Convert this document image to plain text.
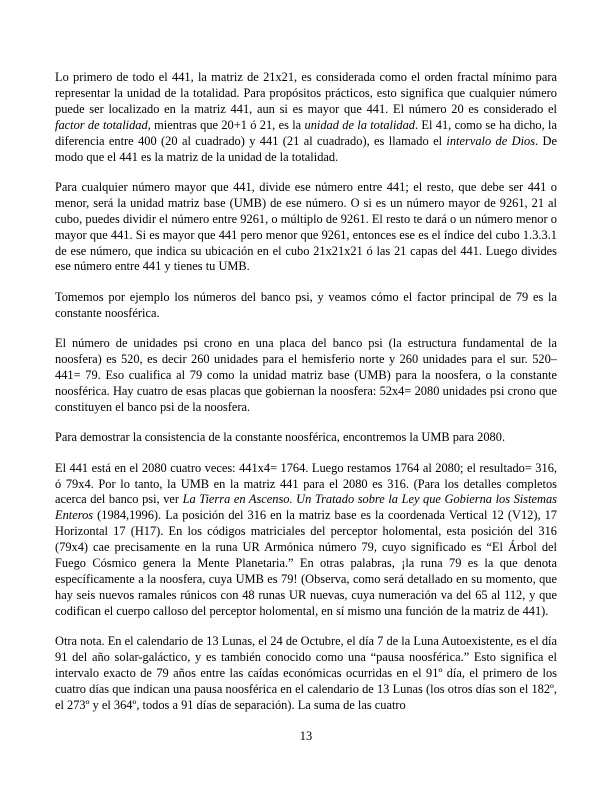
Lo primero de todo el 441, la matriz de 21x21, es considerada como el orden fractal mínimo para representar la unidad de la totalidad. Para propósitos prácticos, esto significa que cualquier número puede ser localizado en la matriz 441, aun si es mayor que 441. El número 20 es considerado el factor de totalidad, mientras que 20+1 ó 21, es la unidad de la totalidad. El 41, como se ha dicho, la diferencia entre 400 (20 al cuadrado) y 441 (21 al cuadrado), es llamado el intervalo de Dios. De modo que el 441 es la matriz de la unidad de la totalidad.

Para cualquier número mayor que 441, divide ese número entre 441; el resto, que debe ser 441 o menor, será la unidad matriz base (UMB) de ese número. O si es un número mayor de 9261, 21 al cubo, puedes dividir el número entre 9261, o múltiplo de 9261. El resto te dará o un número menor o mayor que 441. Si es mayor que 441 pero menor que 9261, entonces ese es el índice del cubo 1.3.3.1 de ese número, que indica su ubicación en el cubo 21x21x21 ó las 21 capas del 441. Luego divides ese número entre 441 y tienes tu UMB.

Tomemos por ejemplo los números del banco psi, y veamos cómo el factor principal de 79 es la constante noosférica.

El número de unidades psi crono en una placa del banco psi (la estructura fundamental de la noosfera) es 520, es decir 260 unidades para el hemisferio norte y 260 unidades para el sur. 520–441= 79. Eso cualifica al 79 como la unidad matriz base (UMB) para la noosfera, o la constante noosférica. Hay cuatro de esas placas que gobiernan la noosfera: 52x4= 2080 unidades psi crono que constituyen el banco psi de la noosfera.

Para demostrar la consistencia de la constante noosférica, encontremos la UMB para 2080.

El 441 está en el 2080 cuatro veces: 441x4= 1764. Luego restamos 1764 al 2080; el resultado= 316, ó 79x4. Por lo tanto, la UMB en la matriz 441 para el 2080 es 316. (Para los detalles completos acerca del banco psi, ver La Tierra en Ascenso. Un Tratado sobre la Ley que Gobierna los Sistemas Enteros (1984,1996). La posición del 316 en la matriz base es la coordenada Vertical 12 (V12), 17 Horizontal 17 (H17). En los códigos matriciales del perceptor holomental, esta posición del 316 (79x4) cae precisamente en la runa UR Armónica número 79, cuyo significado es “El Árbol del Fuego Cósmico genera la Mente Planetaria.” En otras palabras, ¡la runa 79 es la que denota específicamente a la noosfera, cuya UMB es 79! (Observa, como será detallado en su momento, que hay seis nuevos ramales rúnicos con 48 runas UR nuevas, cuya numeración va del 65 al 112, y que codifican el cuerpo calloso del perceptor holomental, en sí mismo una función de la matriz de 441).

Otra nota. En el calendario de 13 Lunas, el 24 de Octubre, el día 7 de la Luna Autoexistente, es el día 91 del año solar-galáctico, y es también conocido como una “pausa noosférica.” Esto significa el intervalo exacto de 79 años entre las caídas económicas ocurridas en el 91º día, el primero de los cuatro días que indican una pausa noosférica en el calendario de 13 Lunas (los otros días son el 182º, el 273º y el 364º, todos a 91 días de separación). La suma de las cuatro

13
